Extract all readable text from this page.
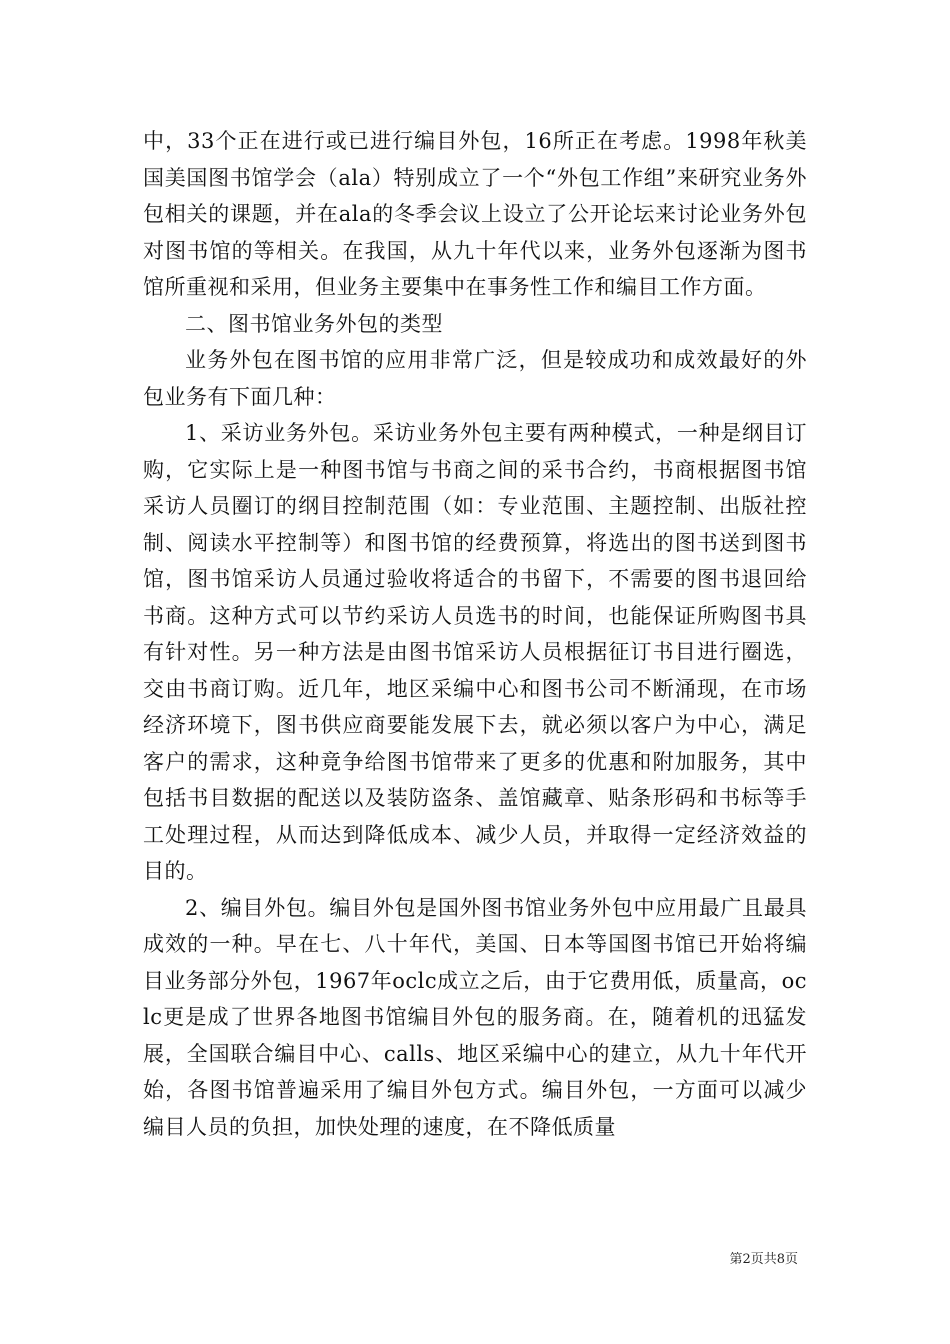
中，33个正在进行或已进行编目外包，16所正在考虑。1998年秋美国美国图书馆学会（ala）特别成立了一个“外包工作组”来研究业务外包相关的课题，并在ala的冬季会议上设立了公开论坛来讨论业务外包对图书馆的等相关。在我国，从九十年代以来，业务外包逐渐为图书馆所重视和采用，但业务主要集中在事务性工作和编目工作方面。

二、图书馆业务外包的类型

业务外包在图书馆的应用非常广泛，但是较成功和成效最好的外包业务有下面几种：

1、采访业务外包。采访业务外包主要有两种模式，一种是纲目订购，它实际上是一种图书馆与书商之间的采书合约，书商根据图书馆采访人员圈订的纲目控制范围（如：专业范围、主题控制、出版社控制、阅读水平控制等）和图书馆的经费预算，将选出的图书送到图书馆，图书馆采访人员通过验收将适合的书留下，不需要的图书退回给书商。这种方式可以节约采访人员选书的时间，也能保证所购图书具有针对性。另一种方法是由图书馆采访人员根据征订书目进行圈选，交由书商订购。近几年，地区采编中心和图书公司不断涌现，在市场经济环境下，图书供应商要能发展下去，就必须以客户为中心，满足客户的需求，这种竟争给图书馆带来了更多的优惠和附加服务，其中包括书目数据的配送以及装防盗条、盖馆藏章、贴条形码和书标等手工处理过程，从而达到降低成本、减少人员，并取得一定经济效益的目的。

2、编目外包。编目外包是国外图书馆业务外包中应用最广且最具成效的一种。早在七、八十年代，美国、日本等国图书馆已开始将编目业务部分外包，1967年oclc成立之后，由于它费用低，质量高，oclc更是成了世界各地图书馆编目外包的服务商。在，随着机的迅猛发展，全国联合编目中心、calls、地区采编中心的建立，从九十年代开始，各图书馆普遍采用了编目外包方式。编目外包，一方面可以减少编目人员的负担，加快处理的速度，在不降低质量

第2页共8页
